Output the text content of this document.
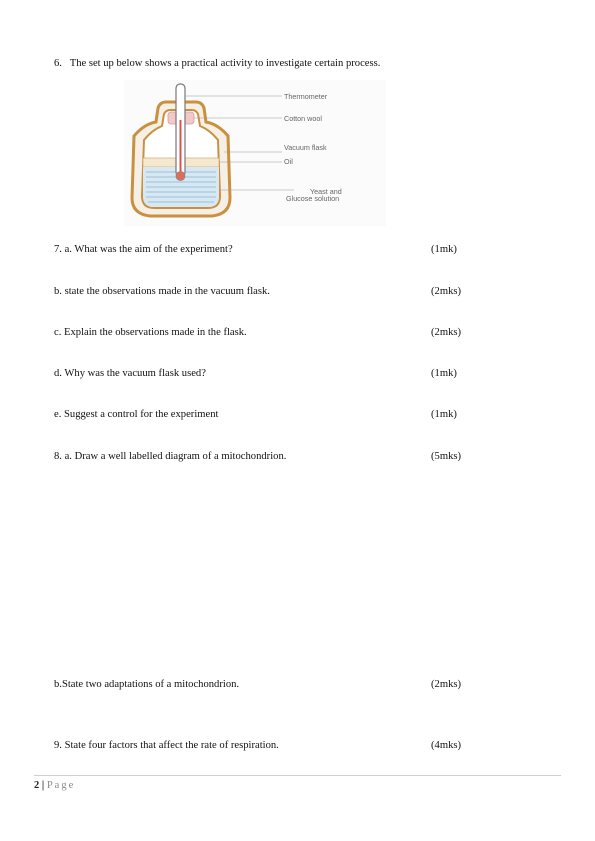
6. The set up below shows a practical activity to investigate certain process.
Thermometer
Cotton wool
Vacuum flask
Oil
Yeast and
Glucose solution
7. a. What was the aim of the experiment?	(1mk)
b. state the observations made in the vacuum flask.	(2mks)
c. Explain the observations made in the flask.	(2mks)
d. Why was the vacuum flask used?	(1mk)
e. Suggest a control for the experiment	(1mk)
8. a. Draw a well labelled diagram of a mitochondrion.	(5mks)
b.State two adaptations of a mitochondrion.	(2mks)
9. State four factors that affect the rate of respiration.	(4mks)
2 | Page
